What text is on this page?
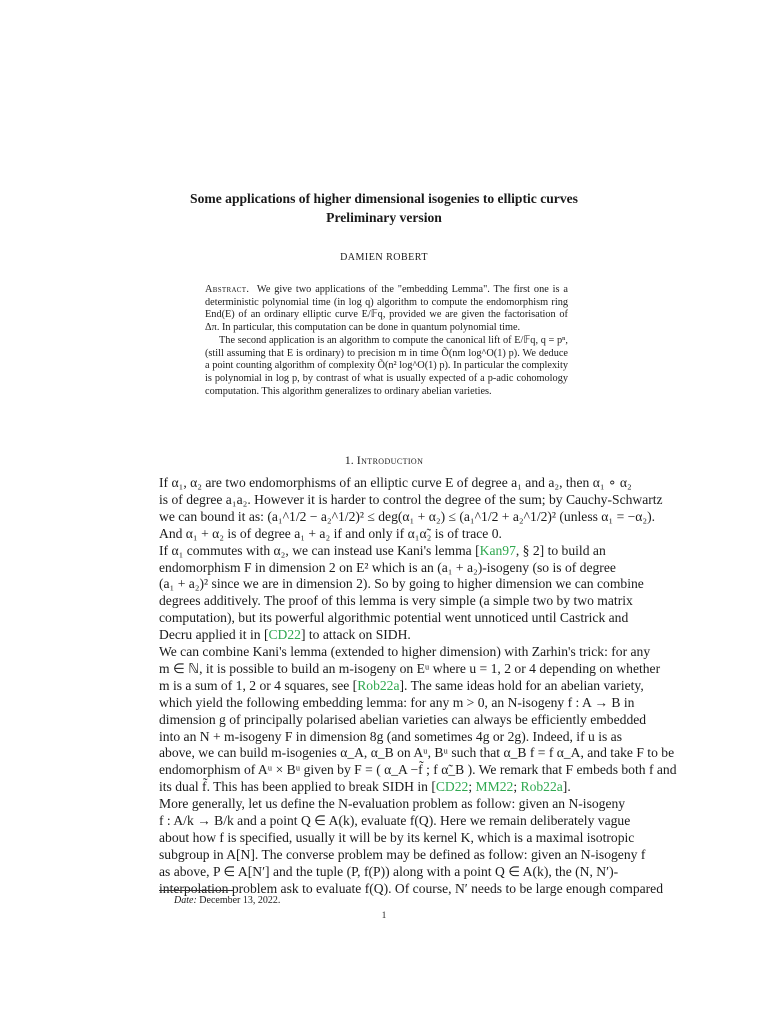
Some applications of higher dimensional isogenies to elliptic curves
Preliminary version
DAMIEN ROBERT

Abstract. We give two applications of the "embedding Lemma". The first one is a deterministic polynomial time (in log q) algorithm to compute the endomorphism ring End(E) of an ordinary elliptic curve E/𝔽q, provided we are given the factorisation of Δπ. In particular, this computation can be done in quantum polynomial time.

The second application is an algorithm to compute the canonical lift of E/𝔽q, q = pⁿ, (still assuming that E is ordinary) to precision m in time Õ(nm log^O(1) p). We deduce a point counting algorithm of complexity Õ(n² log^O(1) p). In particular the complexity is polynomial in log p, by contrast of what is usually expected of a p-adic cohomology computation. This algorithm generalizes to ordinary abelian varieties.

1. Introduction
If α₁, α₂ are two endomorphisms of an elliptic curve E of degree a₁ and a₂, then α₁ ∘ α₂
is of degree a₁a₂. However it is harder to control the degree of the sum; by Cauchy-Schwartz
we can bound it as: (a₁^1/2 − a₂^1/2)² ≤ deg(α₁ + α₂) ≤ (a₁^1/2 + a₂^1/2)² (unless α₁ = −α₂).
And α₁ + α₂ is of degree a₁ + a₂ if and only if α₁α̃₂ is of trace 0.
If α₁ commutes with α₂, we can instead use Kani's lemma [Kan97, § 2] to build an
endomorphism F in dimension 2 on E² which is an (a₁ + a₂)-isogeny (so is of degree
(a₁ + a₂)² since we are in dimension 2). So by going to higher dimension we can combine
degrees additively. The proof of this lemma is very simple (a simple two by two matrix
computation), but its powerful algorithmic potential went unnoticed until Castrick and
Decru applied it in [CD22] to attack on SIDH.
We can combine Kani's lemma (extended to higher dimension) with Zarhin's trick: for any
m ∈ ℕ, it is possible to build an m-isogeny on Eᵘ where u = 1, 2 or 4 depending on whether
m is a sum of 1, 2 or 4 squares, see [Rob22a]. The same ideas hold for an abelian variety,
which yield the following embedding lemma: for any m > 0, an N-isogeny f : A → B in
dimension g of principally polarised abelian varieties can always be efficiently embedded
into an N + m-isogeny F in dimension 8g (and sometimes 4g or 2g). Indeed, if u is as
above, we can build m-isogenies α_A, α_B on Aᵘ, Bᵘ such that α_B f = f α_A, and take F to be
endomorphism of Aᵘ × Bᵘ given by F = ( α_A −f̃ ; f α̃_B ). We remark that F embeds both f and
its dual f̃. This has been applied to break SIDH in [CD22; MM22; Rob22a].
More generally, let us define the N-evaluation problem as follow: given an N-isogeny
f : A/k → B/k and a point Q ∈ A(k), evaluate f(Q). Here we remain deliberately vague
about how f is specified, usually it will be by its kernel K, which is a maximal isotropic
subgroup in A[N]. The converse problem may be defined as follow: given an N-isogeny f
as above, P ∈ A[N′] and the tuple (P, f(P)) along with a point Q ∈ A(k), the (N, N′)-
interpolation problem ask to evaluate f(Q). Of course, N′ needs to be large enough compared
Date: December 13, 2022.
1
